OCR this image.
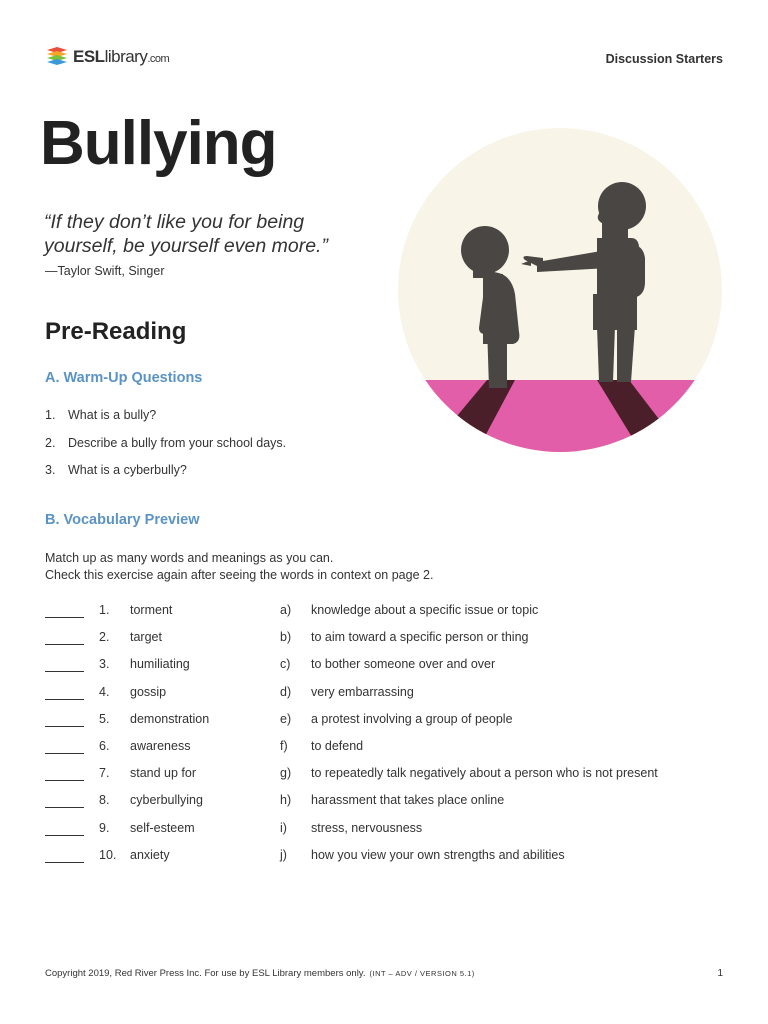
ESLlibrary.com	Discussion Starters
Bullying
“If they don’t like you for being yourself, be yourself even more.”
—Taylor Swift, Singer
Pre-Reading
A. Warm-Up Questions
1.	What is a bully?
2.	Describe a bully from your school days.
3.	What is a cyberbully?
B. Vocabulary Preview
Match up as many words and meanings as you can.
Check this exercise again after seeing the words in context on page 2.
1. torment	a) knowledge about a specific issue or topic
2. target	b) to aim toward a specific person or thing
3. humiliating	c) to bother someone over and over
4. gossip	d) very embarrassing
5. demonstration	e) a protest involving a group of people
6. awareness	f) to defend
7. stand up for	g) to repeatedly talk negatively about a person who is not present
8. cyberbullying	h) harassment that takes place online
9. self-esteem	i) stress, nervousness
10. anxiety	j) how you view your own strengths and abilities
Copyright 2019, Red River Press Inc. For use by ESL Library members only. (INT – ADV / VERSION 5.1)	1
